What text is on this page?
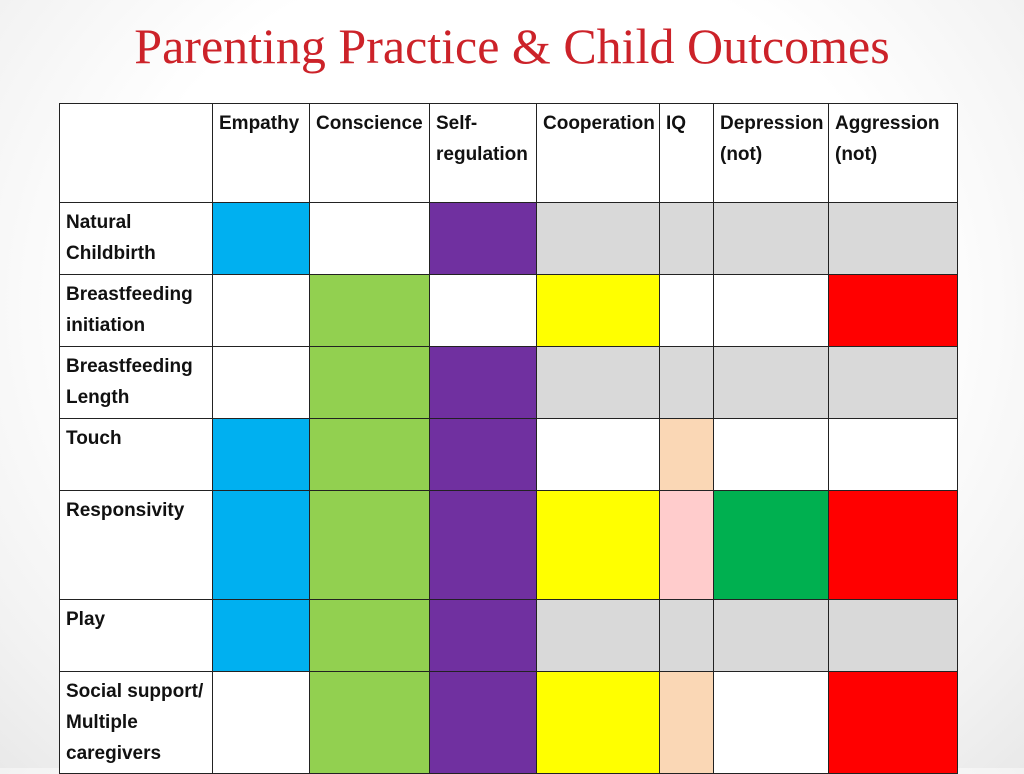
Parenting Practice & Child Outcomes
	Empathy	Conscience	Self-regulation	Cooperation	IQ	Depression (not)	Aggression (not)
Natural Childbirth							
Breastfeeding initiation							
Breastfeeding Length							
Touch							
Responsivity							
Play							
Social support/ Multiple caregivers							
